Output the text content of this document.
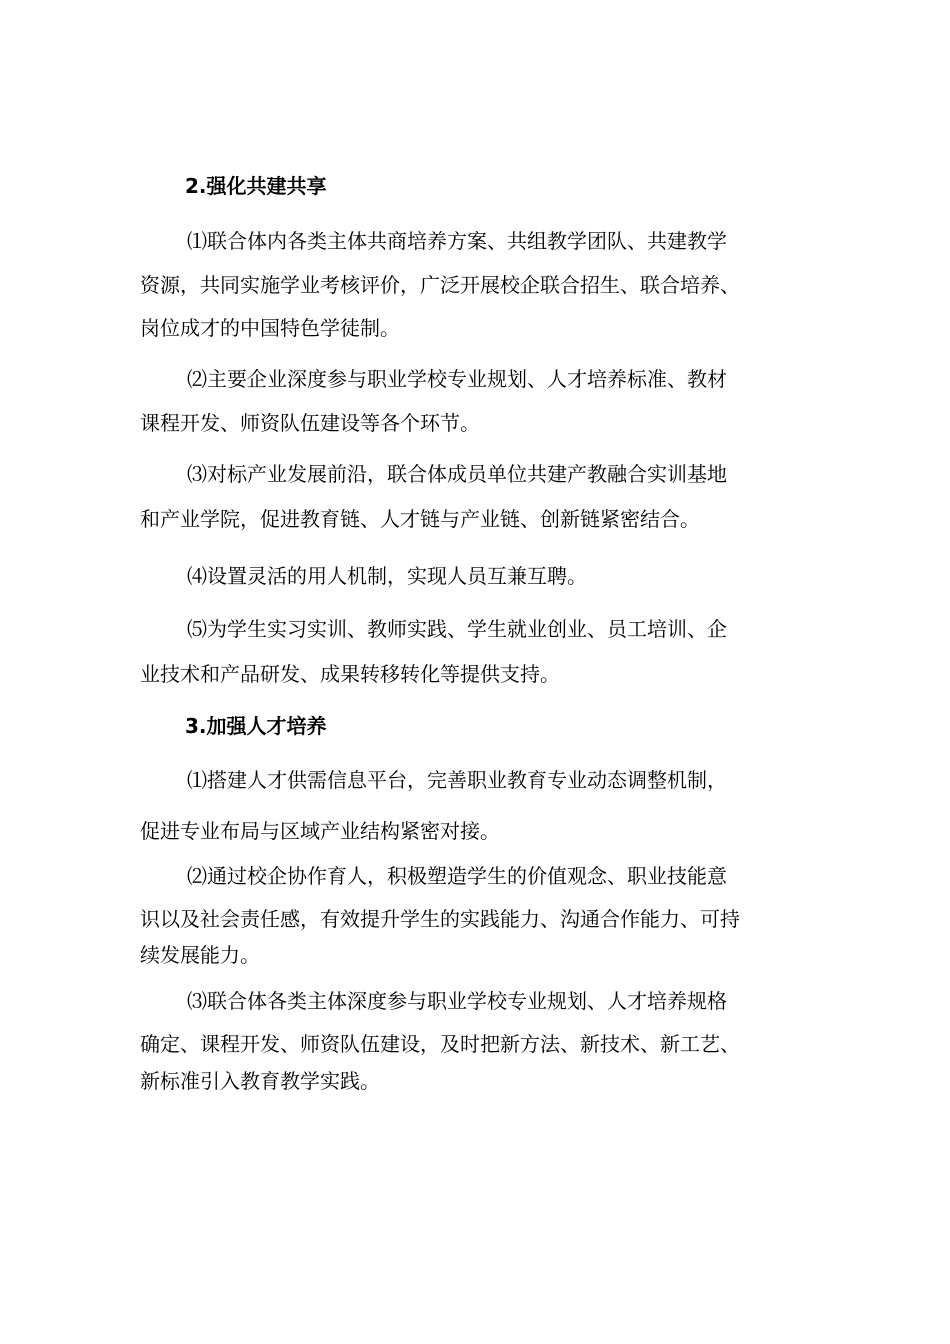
2.强化共建共享
⑴联合体内各类主体共商培养方案、共组教学团队、共建教学
资源，共同实施学业考核评价，广泛开展校企联合招生、联合培养、
岗位成才的中国特色学徒制。
⑵主要企业深度参与职业学校专业规划、人才培养标准、教材
课程开发、师资队伍建设等各个环节。
⑶对标产业发展前沿，联合体成员单位共建产教融合实训基地
和产业学院，促进教育链、人才链与产业链、创新链紧密结合。
⑷设置灵活的用人机制，实现人员互兼互聘。
⑸为学生实习实训、教师实践、学生就业创业、员工培训、企
业技术和产品研发、成果转移转化等提供支持。
3.加强人才培养
⑴搭建人才供需信息平台，完善职业教育专业动态调整机制，
促进专业布局与区域产业结构紧密对接。
⑵通过校企协作育人，积极塑造学生的价值观念、职业技能意
识以及社会责任感，有效提升学生的实践能力、沟通合作能力、可持
续发展能力。
⑶联合体各类主体深度参与职业学校专业规划、人才培养规格
确定、课程开发、师资队伍建设，及时把新方法、新技术、新工艺、
新标准引入教育教学实践。
